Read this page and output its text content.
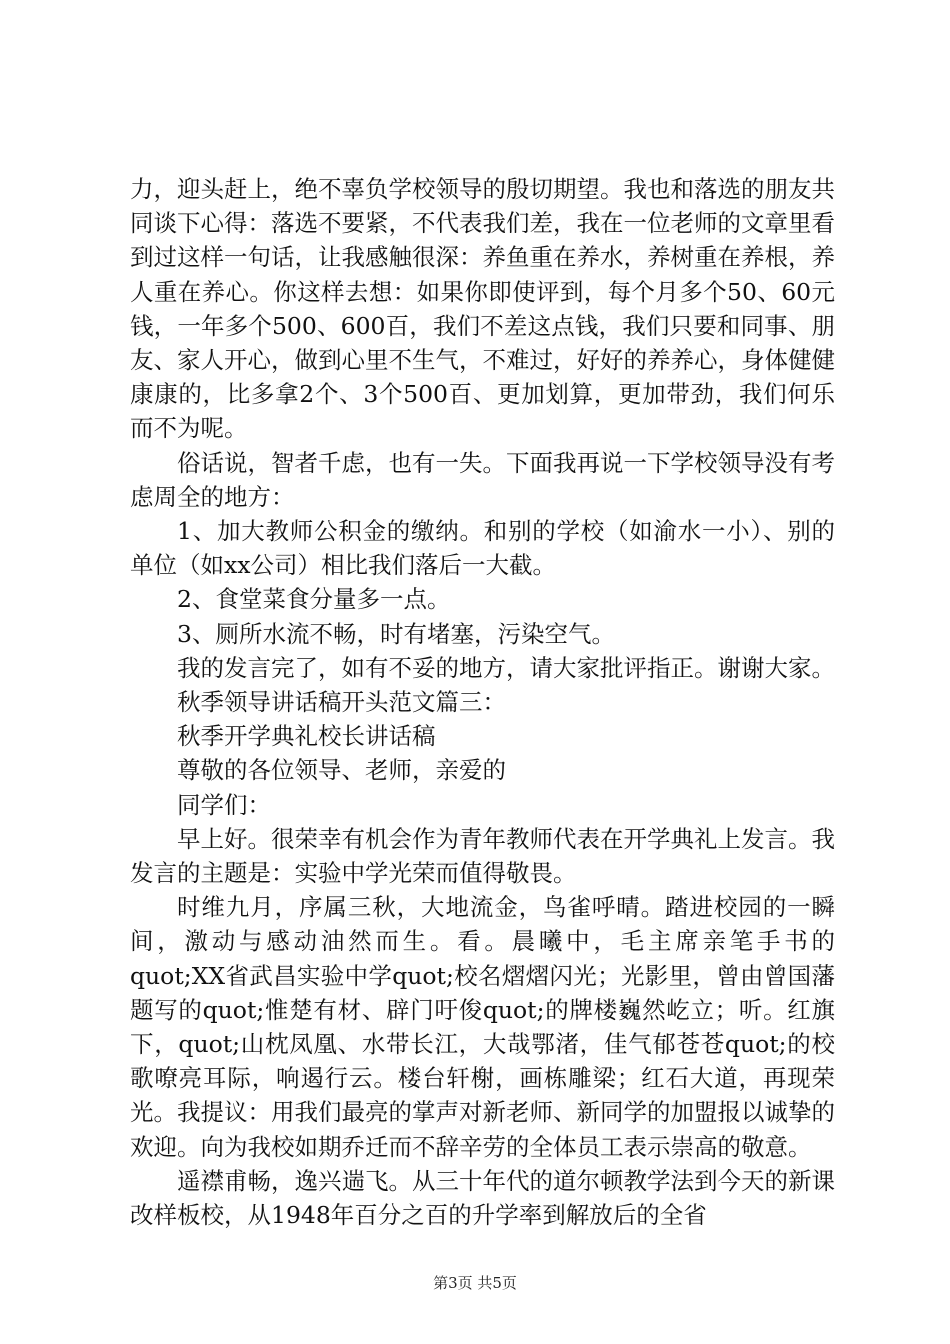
力，迎头赶上，绝不辜负学校领导的殷切期望。我也和落选的朋友共同谈下心得：落选不要紧，不代表我们差，我在一位老师的文章里看到过这样一句话，让我感触很深：养鱼重在养水，养树重在养根，养人重在养心。你这样去想：如果你即使评到，每个月多个50、60元钱，一年多个500、600百，我们不差这点钱，我们只要和同事、朋友、家人开心，做到心里不生气，不难过，好好的养养心，身体健健康康的，比多拿2个、3个500百、更加划算，更加带劲，我们何乐而不为呢。

俗话说，智者千虑，也有一失。下面我再说一下学校领导没有考虑周全的地方：

1、加大教师公积金的缴纳。和别的学校（如渝水一小）、别的单位（如xx公司）相比我们落后一大截。

2、食堂菜食分量多一点。

3、厕所水流不畅，时有堵塞，污染空气。

我的发言完了，如有不妥的地方，请大家批评指正。谢谢大家。

秋季领导讲话稿开头范文篇三：

秋季开学典礼校长讲话稿

尊敬的各位领导、老师，亲爱的

同学们：

早上好。很荣幸有机会作为青年教师代表在开学典礼上发言。我发言的主题是：实验中学光荣而值得敬畏。

时维九月，序属三秋，大地流金，鸟雀呼晴。踏进校园的一瞬间，激动与感动油然而生。看。晨曦中，毛主席亲笔手书的quot;XX省武昌实验中学quot;校名熠熠闪光；光影里，曾由曾国藩题写的quot;惟楚有材、辟门吁俊quot;的牌楼巍然屹立；听。红旗下，quot;山枕凤凰、水带长江，大哉鄂渚，佳气郁苍苍quot;的校歌嘹亮耳际，响遏行云。楼台轩榭，画栋雕梁；红石大道，再现荣光。我提议：用我们最亮的掌声对新老师、新同学的加盟报以诚挚的欢迎。向为我校如期乔迁而不辞辛劳的全体员工表示崇高的敬意。

遥襟甫畅，逸兴遄飞。从三十年代的道尔顿教学法到今天的新课改样板校，从1948年百分之百的升学率到解放后的全省

第3页 共5页
